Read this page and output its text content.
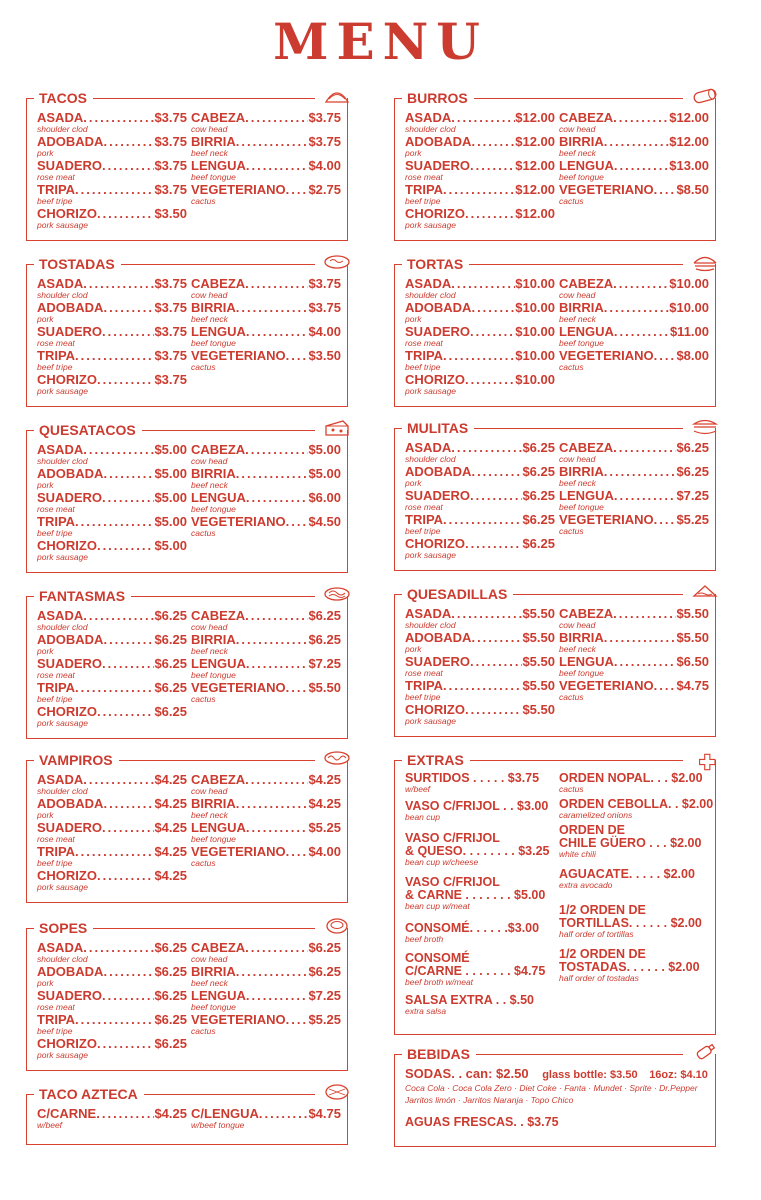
MENU
TACOS
ASADA .....	$3.75
shoulder clod
ADOBADA .....	$3.75
pork
SUADERO .....	$3.75
rose meat
TRIPA .....	$3.75
beef tripe
CHORIZO .....	$3.50
pork sausage
CABEZA .....	$3.75
cow head
BIRRIA .....	$3.75
beef neck
LENGUA .....	$4.00
beef tongue
VEGETERIANO ..... $2.75
cactus
TOSTADAS
ASADA .....	$3.75
shoulder clod
ADOBADA .....	$3.75
pork
SUADERO .....	$3.75
rose meat
TRIPA .....	$3.75
beef tripe
CHORIZO .....	$3.75
pork sausage
CABEZA .....	$3.75
cow head
BIRRIA .....	$3.75
beef neck
LENGUA .....	$4.00
beef tongue
VEGETERIANO ..... $3.50
cactus
QUESATACOS
ASADA .....	$5.00
shoulder clod
ADOBADA .....	$5.00
pork
SUADERO .....	$5.00
rose meat
TRIPA .....	$5.00
beef tripe
CHORIZO .....	$5.00
pork sausage
CABEZA .....	$5.00
cow head
BIRRIA .....	$5.00
beef neck
LENGUA .....	$6.00
beef tongue
VEGETERIANO ..... $4.50
cactus
FANTASMAS
ASADA .....	$6.25
shoulder clod
ADOBADA .....	$6.25
pork
SUADERO .....	$6.25
rose meat
TRIPA .....	$6.25
beef tripe
CHORIZO .....	$6.25
pork sausage
CABEZA .....	$6.25
cow head
BIRRIA .....	$6.25
beef neck
LENGUA .....	$7.25
beef tongue
VEGETERIANO ..... $5.50
cactus
VAMPIROS
ASADA .....	$4.25
shoulder clod
ADOBADA .....	$4.25
pork
SUADERO .....	$4.25
rose meat
TRIPA .....	$4.25
beef tripe
CHORIZO .....	$4.25
pork sausage
CABEZA .....	$4.25
cow head
BIRRIA .....	$4.25
beef neck
LENGUA .....	$5.25
beef tongue
VEGETERIANO ..... $4.00
cactus
SOPES
ASADA .....	$6.25
shoulder clod
ADOBADA .....	$6.25
pork
SUADERO .....	$6.25
rose meat
TRIPA .....	$6.25
beef tripe
CHORIZO .....	$6.25
pork sausage
CABEZA .....	$6.25
cow head
BIRRIA .....	$6.25
beef neck
LENGUA .....	$7.25
beef tongue
VEGETERIANO ..... $5.25
cactus
TACO AZTECA
C/CARNE .....	$4.25
w/beef
C/LENGUA .....	$4.75
w/beef tongue
BURROS
ASADA .....	$12.00
shoulder clod
ADOBADA .....	$12.00
pork
SUADERO .....	$12.00
rose meat
TRIPA .....	$12.00
beef tripe
CHORIZO .....	$12.00
pork sausage
CABEZA .....	$12.00
cow head
BIRRIA .....	$12.00
beef neck
LENGUA .....	$13.00
beef tongue
VEGETERIANO ..... $8.50
cactus
TORTAS
ASADA .....	$10.00
shoulder clod
ADOBADA .....	$10.00
pork
SUADERO .....	$10.00
rose meat
TRIPA .....	$10.00
beef tripe
CHORIZO .....	$10.00
pork sausage
CABEZA .....	$10.00
cow head
BIRRIA .....	$10.00
beef neck
LENGUA .....	$11.00
beef tongue
VEGETERIANO ..... $8.00
cactus
MULITAS
ASADA .....	$6.25
shoulder clod
ADOBADA .....	$6.25
pork
SUADERO .....	$6.25
rose meat
TRIPA .....	$6.25
beef tripe
CHORIZO .....	$6.25
pork sausage
CABEZA .....	$6.25
cow head
BIRRIA .....	$6.25
beef neck
LENGUA .....	$7.25
beef tongue
VEGETERIANO ..... $5.25
cactus
QUESADILLAS
ASADA .....	$5.50
shoulder clod
ADOBADA .....	$5.50
pork
SUADERO .....	$5.50
rose meat
TRIPA .....	$5.50
beef tripe
CHORIZO .....	$5.50
pork sausage
CABEZA .....	$5.50
cow head
BIRRIA .....	$5.50
beef neck
LENGUA .....	$6.50
beef tongue
VEGETERIANO ..... $4.75
cactus
EXTRAS
SURTIDOS . . . . . $3.75
w/beef
VASO C/FRIJOL . . $3.00
bean cup
VASO C/FRIJOL
& QUESO. . . . . . . . $3.25
bean cup w/cheese
VASO C/FRIJOL
& CARNE . . . . . . . $5.00
bean cup w/meat
CONSOMÉ. . . . . .$3.00
beef broth
CONSOMÉ
C/CARNE . . . . . . . $4.75
beef broth w/meat
SALSA EXTRA . . $.50
extra salsa
ORDEN NOPAL. . . $2.00
cactus
ORDEN CEBOLLA. . $2.00
caramelized onions
ORDEN DE
CHILE GÜERO . . . $2.00
white chili
AGUACATE. . . . . $2.00
extra avocado
1/2 ORDEN DE
TORTILLAS. . . . . . $2.00
half order of tortillas
1/2 ORDEN DE
TOSTADAS. . . . . . $2.00
half order of tostadas
BEBIDAS
SODAS. . can: $2.50 glass bottle: $3.50 16oz: $4.10
Coca Cola · Coca Cola Zero · Diet Coke · Fanta · Mundet · Sprite · Dr.Pepper
Jarritos limón · Jarritos Naranja · Topo Chico
AGUAS FRESCAS. . $3.75
